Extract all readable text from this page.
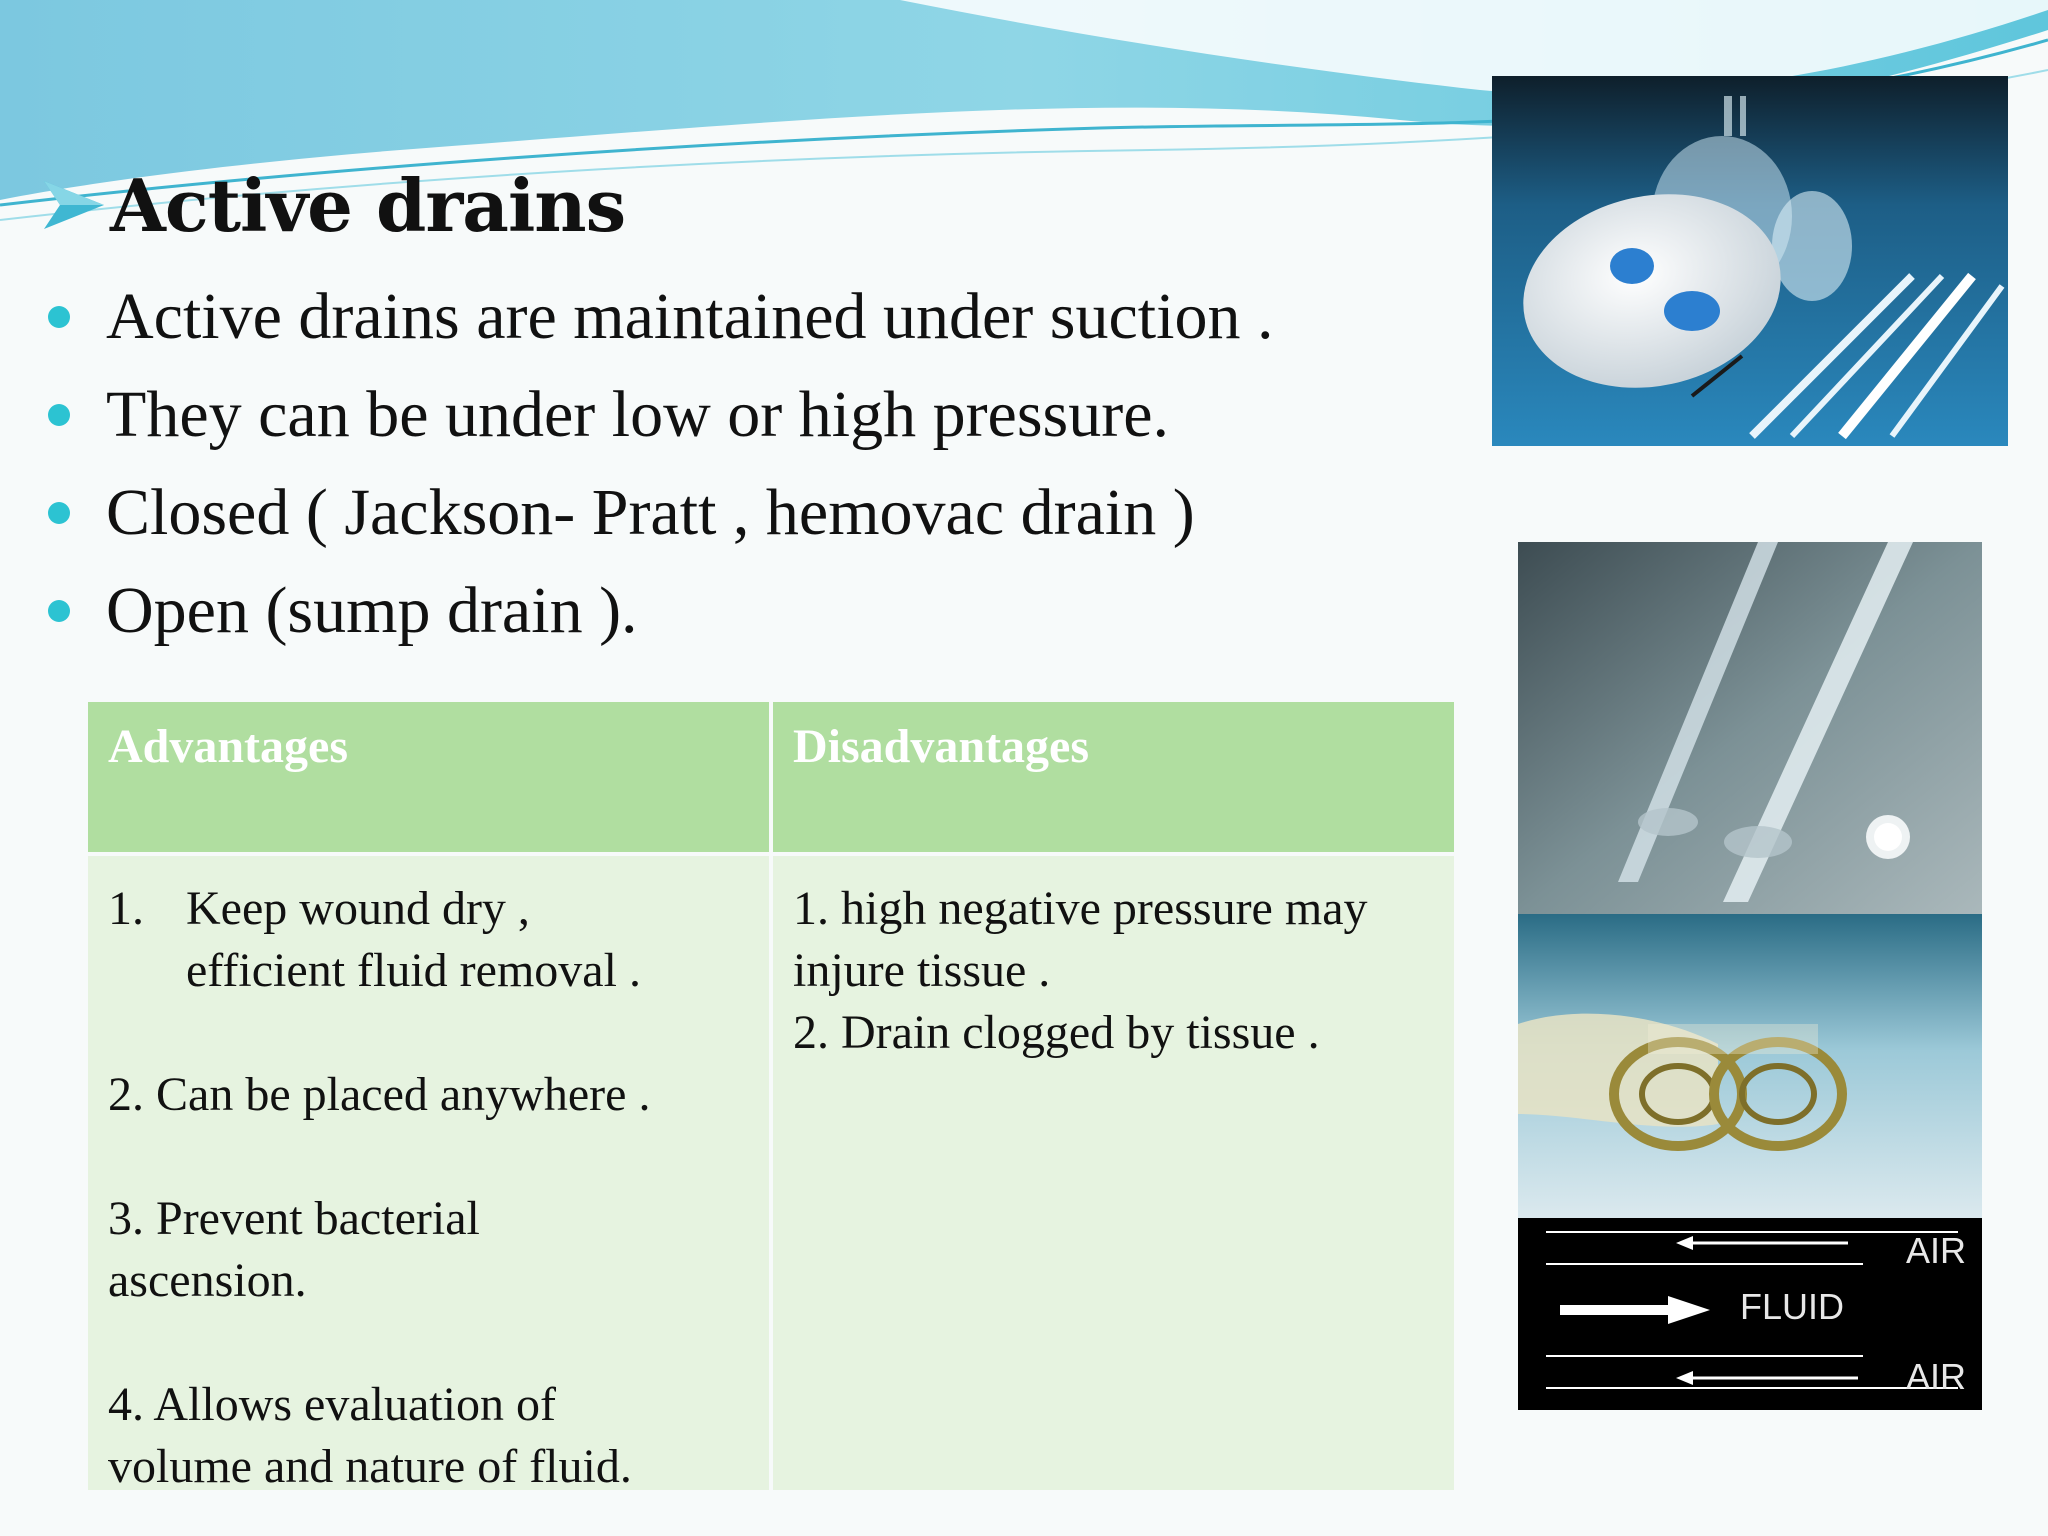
Active drains
Active drains are maintained under suction .
They can be under low or high pressure.
Closed ( Jackson- Pratt , hemovac drain )
Open (sump drain ).
Advantages	Disadvantages
1. Keep wound dry ,

efficient fluid removal .

2. Can be placed anywhere .

3. Prevent bacterial

ascension.

4. Allows evaluation of

volume and nature of fluid.

1. high negative pressure may

injure tissue .

2. Drain clogged by tissue .

AIR
FLUID
AIR
